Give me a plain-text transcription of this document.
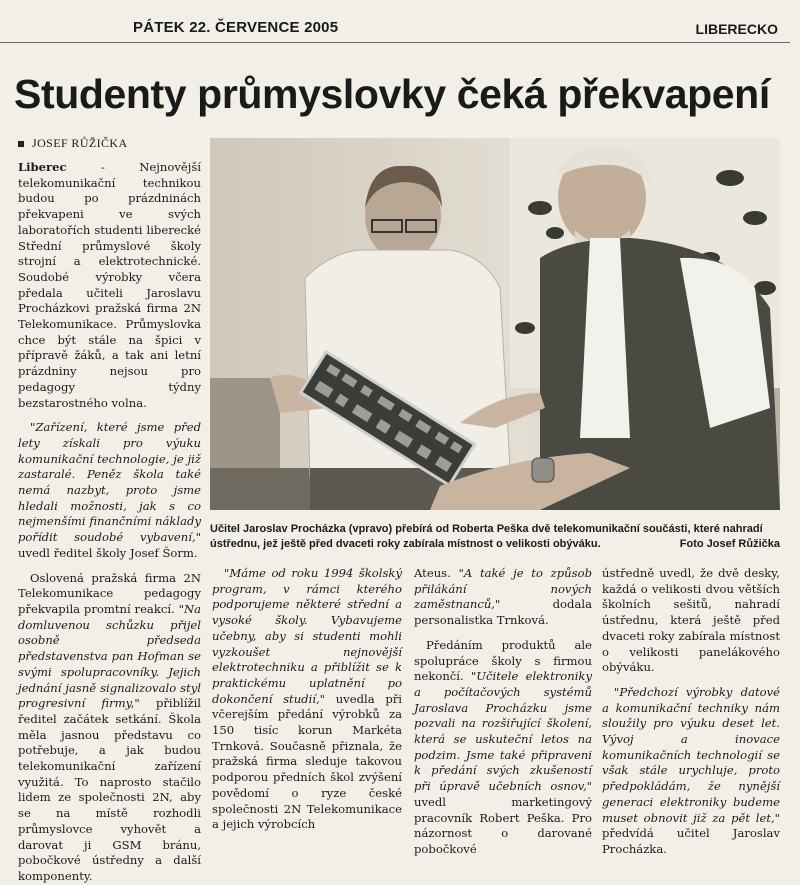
PÁTEK 22. ČERVENCE 2005	LIBERECKO
Studenty průmyslovky čeká překvapení
JOSEF RŮŽIČKA

Liberec - Nejnovější telekomunikační technikou budou po prázdninách překvapeni ve svých laboratořích studenti liberecké Střední průmyslové školy strojní a elektrotechnické. Soudobé výrobky včera předala učiteli Jaroslavu Procházkovi pražská firma 2N Telekomunikace. Průmyslovka chce být stále na špici v přípravě žáků, a tak ani letní prázdniny nejsou pro pedagogy týdny bezstarostného volna.

"Zařízení, které jsme před lety získali pro výuku komunikační technologie, je již zastaralé. Peněz škola také nemá nazbyt, proto jsme hledali možnosti, jak s co nejmenšími finančními náklady pořídit soudobé vybavení," uvedl ředitel školy Josef Šorm.

Oslovená pražská firma 2N Telekomunikace pedagogy překvapila promtní reakcí. "Na domluvenou schůzku přijel osobně předseda představenstva pan Hofman se svými spolupracovníky. Jejich jednání jasně signalizovalo styl progresivní firmy," přiblížil ředitel začátek setkání. Škola měla jasnou představu co potřebuje, a jak budou telekomunikační zařízení využitá. To naprosto stačilo lidem ze společnosti 2N, aby se na místě rozhodli průmyslovce vyhovět a darovat ji GSM bránu, pobočkové ústředny a další komponenty.

Učitel Jaroslav Procházka (vpravo) přebírá od Roberta Peška dvě telekomunikační součásti, které nahradí ústřednu, jež ještě před dvaceti roky zabírala místnost o velikosti obýváku.	Foto Josef Růžička

"Máme od roku 1994 školský program, v rámci kterého podporujeme některé střední a vysoké školy. Vybavujeme učebny, aby si studenti mohli vyzkoušet nejnovější elektrotechniku a přiblížit se k praktickému uplatnění po dokončení studií," uvedla při včerejším předání výrobků za 150 tisíc korun Markéta Trnková. Současně přiznala, že pražská firma sleduje takovou podporou předních škol zvýšení povědomí o ryze české společnosti 2N Telekomunikace a jejich výrobcích

Ateus. "A také je to způsob přilákání nových zaměstnanců," dodala personalistka Trnková.

Předáním produktů ale spolupráce školy s firmou nekončí. "Učitele elektroniky a počítačových systémů Jaroslava Procházku jsme pozvali na rozšiřující školení, která se uskuteční letos na podzim. Jsme také připraveni k předání svých zkušeností při úpravě učebních osnov," uvedl marketingový pracovník Robert Peška. Pro názornost o darované pobočkové

ústředně uvedl, že dvě desky, každá o velikosti dvou větších školních sešitů, nahradí ústřednu, která ještě před dvaceti roky zabírala místnost o velikosti panelákového obýváku.

"Předchozí výrobky datové a komunikační techniky nám sloužily pro výuku deset let. Vývoj a inovace komunikačních technologií se však stále urychluje, proto předpokládám, že nynější generaci elektroniky budeme muset obnovit již za pět let," předvídá učitel Jaroslav Procházka.
